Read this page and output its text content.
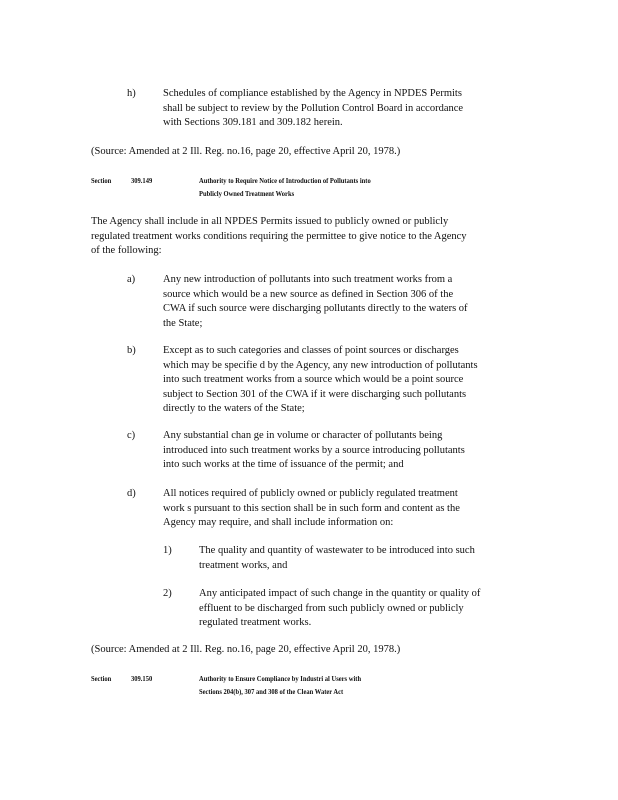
h)	Schedules of compliance established by the Agency in NPDES Permits
shall be subject to review by the Pollution Control Board in accordance
with Sections 309.181 and 309.182 herein.

(Source: Amended at 2 Ill. Reg. no.16, page 20, effective April 20, 1978.)

Section	309.149	Authority to Require Notice of Introduction of Pollutants into
Publicly Owned Treatment Works
The Agency shall include in all NPDES Permits issued to publicly owned or publicly
regulated treatment works conditions requiring the permittee to give notice to the Agency
of the following:

a)	Any new introduction of pollutants into such treatment works from a
source which would be a new source as defined in Section 306 of the
CWA if such source were discharging pollutants directly to the waters of
the State;

b)	Except as to such categories and classes of point sources or discharges
which may be specifie d by the Agency, any new introduction of pollutants
into such treatment works from a source which would be a point source
subject to Section 301 of the CWA if it were discharging such pollutants
directly to the waters of the State;

c)	Any substantial chan ge in volume or character of pollutants being
introduced into such treatment works by a source introducing pollutants
into such works at the time of issuance of the permit; and

d)	All notices required of publicly owned or publicly regulated treatment
work s pursuant to this section shall be in such form and content as the
Agency may require, and shall include information on:

1)	The quality and quantity of wastewater to be introduced into such
treatment works, and

2)	Any anticipated impact of such change in the quantity or quality of
effluent to be discharged from such publicly owned or publicly
regulated treatment works.

(Source: Amended at 2 Ill. Reg. no.16, page 20, effective April 20, 1978.)

Section	309.150	Authority to Ensure Compliance by Industri al Users with
Sections 204(b), 307 and 308 of the Clean Water Act
